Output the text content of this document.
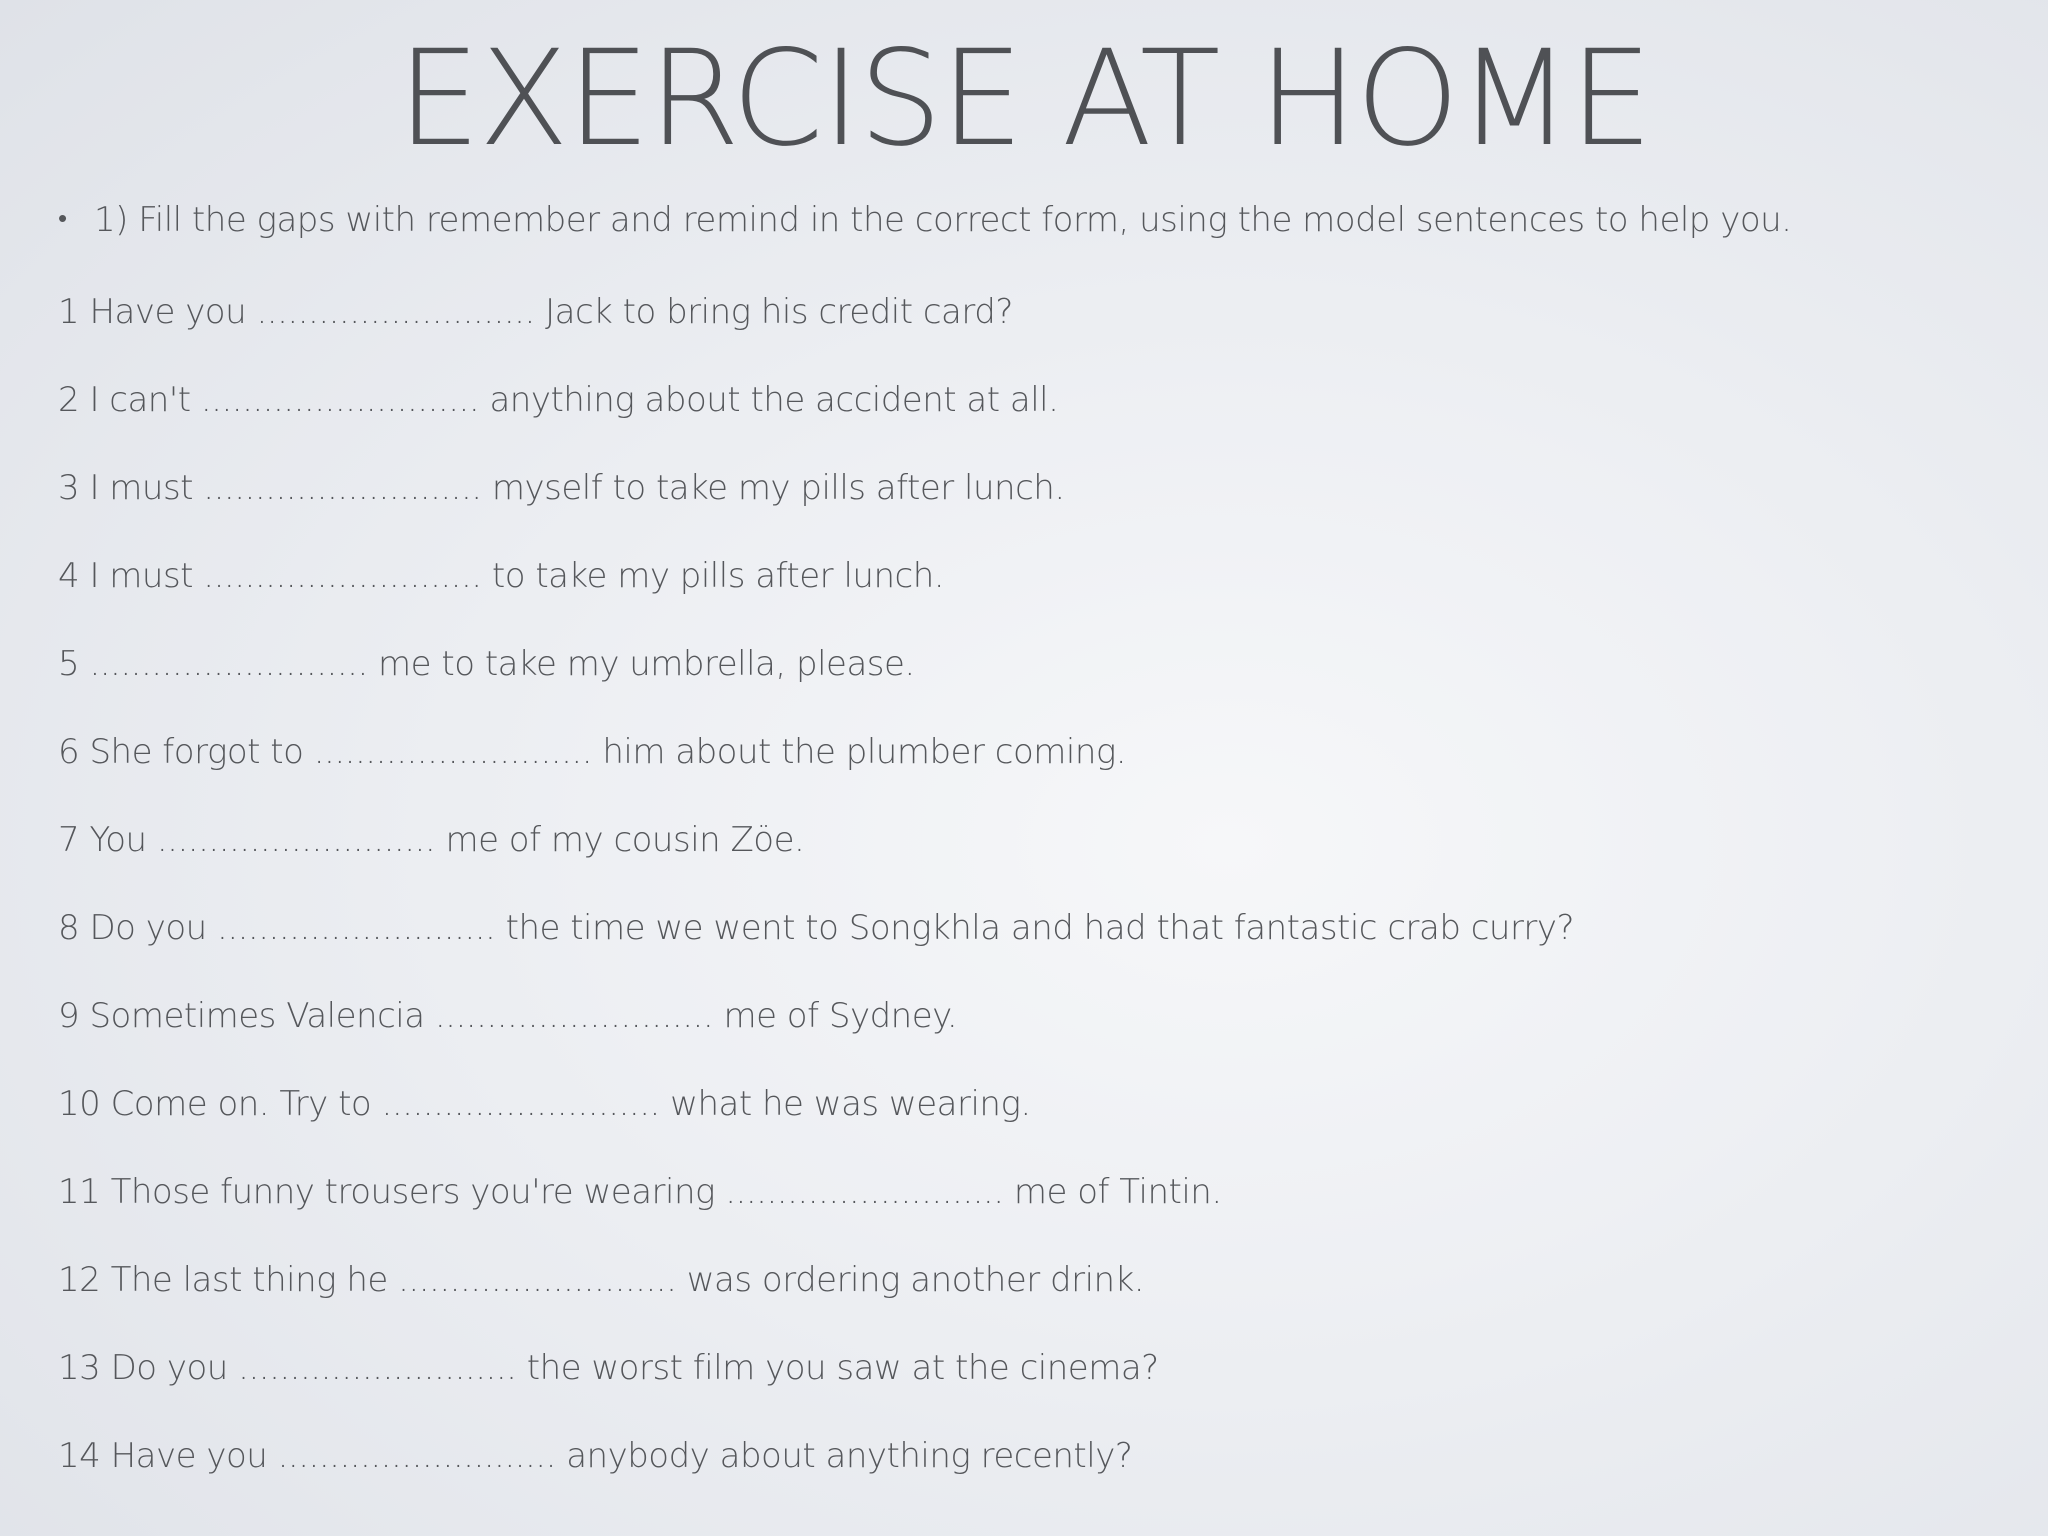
EXERCISE AT HOME
• 1) Fill the gaps with remember and remind in the correct form, using the model sentences to help you.
1 Have you ........................... Jack to bring his credit card?
2 I can't ........................... anything about the accident at all.
3 I must ........................... myself to take my pills after lunch.
4 I must ........................... to take my pills after lunch.
5 ........................... me to take my umbrella, please.
6 She forgot to ........................... him about the plumber coming.
7 You ........................... me of my cousin Zöe.
8 Do you ........................... the time we went to Songkhla and had that fantastic crab curry?
9 Sometimes Valencia ........................... me of Sydney.
10 Come on. Try to ........................... what he was wearing.
11 Those funny trousers you're wearing ........................... me of Tintin.
12 The last thing he ........................... was ordering another drink.
13 Do you ........................... the worst film you saw at the cinema?
14 Have you ........................... anybody about anything recently?
